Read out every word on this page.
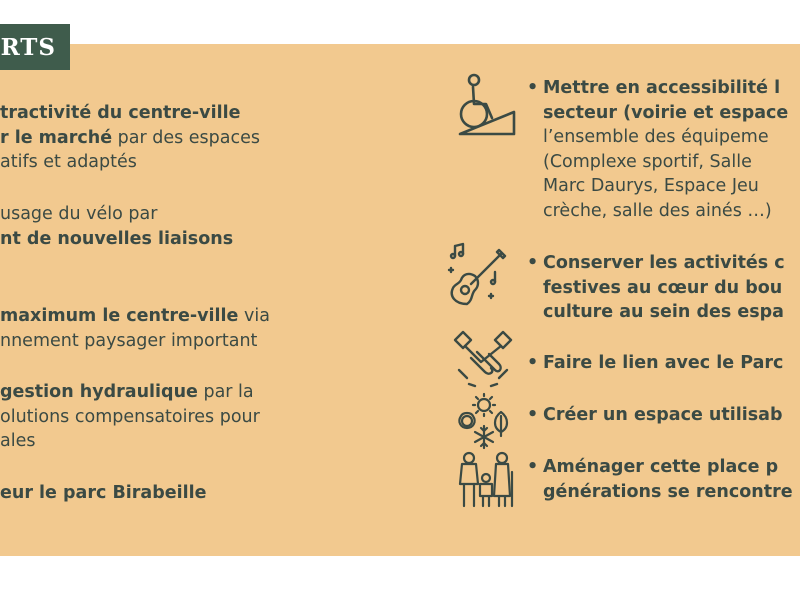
RTS
tractivité du centre-ville
r le marché par des espaces
atifs et adaptés
usage du vélo par
nt de nouvelles liaisons
maximum le centre-ville via
nnement paysager important
gestion hydraulique par la
olutions compensatoires pour
ales
eur le parc Birabeille
• Mettre en accessibilité l
secteur (voirie et espace
l’ensemble des équipeme
(Complexe sportif, Salle
Marc Daurys, Espace Jeu
crèche, salle des ainés …)
• Conserver les activités c
festives au cœur du bou
culture au sein des espa
• Faire le lien avec le Parc
• Créer un espace utilisab
• Aménager cette place p
générations se rencontre
